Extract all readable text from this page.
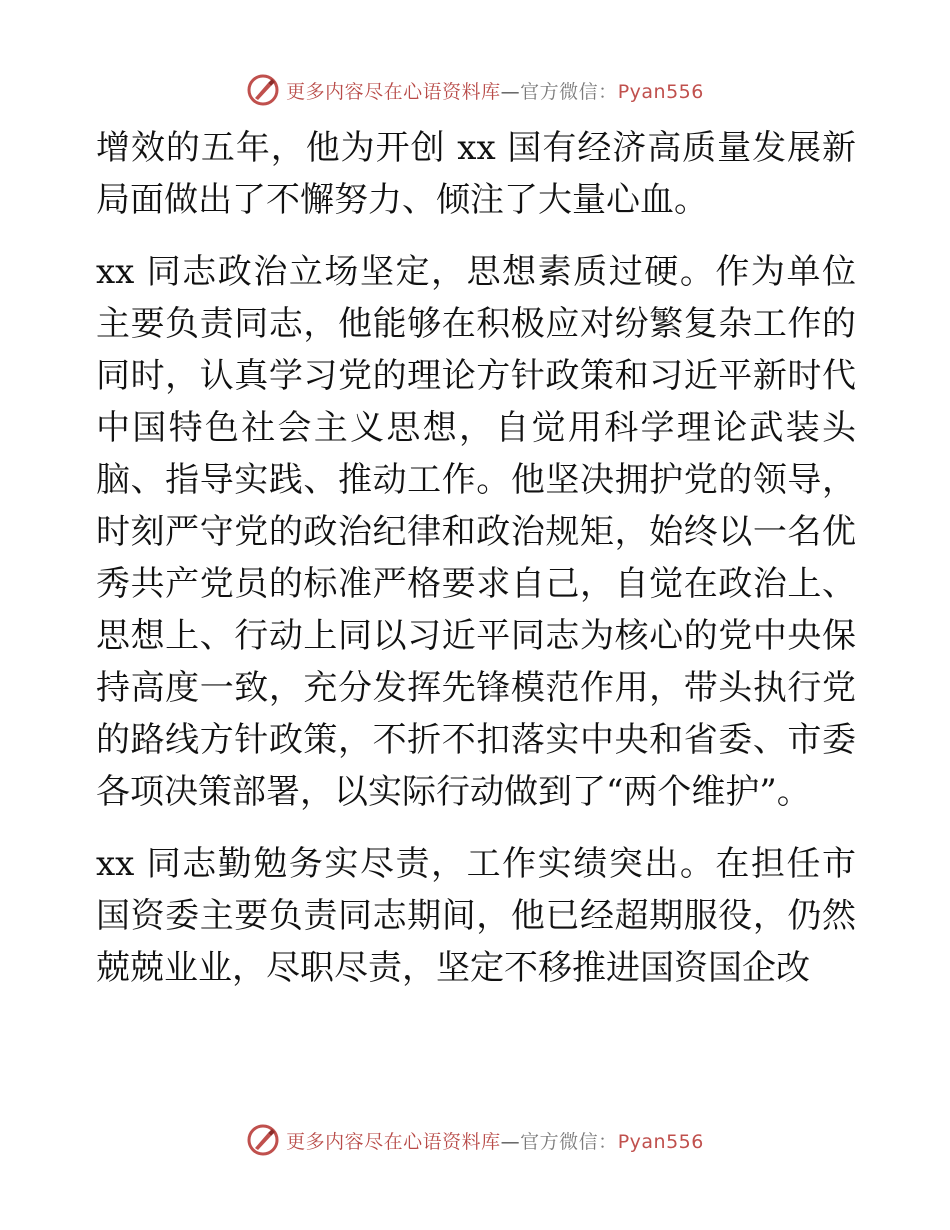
更多内容尽在心语资料库—官方微信：Pyan556

增效的五年，他为开创 xx 国有经济高质量发展新局面做出了不懈努力、倾注了大量心血。

xx 同志政治立场坚定，思想素质过硬。作为单位主要负责同志，他能够在积极应对纷繁复杂工作的同时，认真学习党的理论方针政策和习近平新时代中国特色社会主义思想，自觉用科学理论武装头脑、指导实践、推动工作。他坚决拥护党的领导，时刻严守党的政治纪律和政治规矩，始终以一名优秀共产党员的标准严格要求自己，自觉在政治上、思想上、行动上同以习近平同志为核心的党中央保持高度一致，充分发挥先锋模范作用，带头执行党的路线方针政策，不折不扣落实中央和省委、市委各项决策部署，以实际行动做到了“两个维护”。

xx 同志勤勉务实尽责，工作实绩突出。在担任市国资委主要负责同志期间，他已经超期服役，仍然兢兢业业，尽职尽责，坚定不移推进国资国企改

更多内容尽在心语资料库—官方微信：Pyan556
